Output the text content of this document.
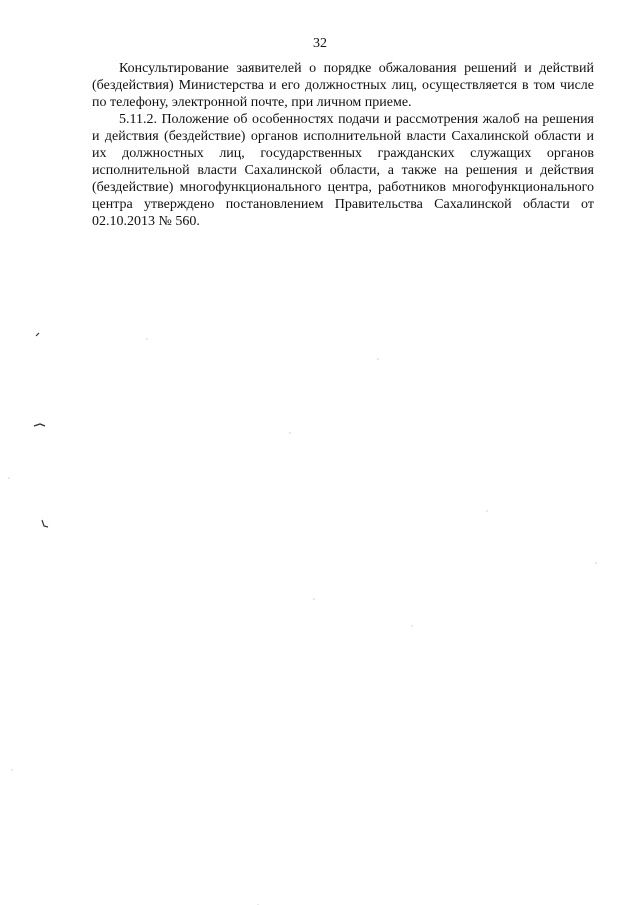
32

Консультирование заявителей о порядке обжалования решений и действий (бездействия) Министерства и его должностных лиц, осуществляется в том числе по телефону, электронной почте, при личном приеме.

5.11.2. Положение об особенностях подачи и рассмотрения жалоб на решения и действия (бездействие) органов исполнительной власти Сахалинской области и их должностных лиц, государственных гражданских служащих органов исполнительной власти Сахалинской области, а также на решения и действия (бездействие) многофункционального центра, работников многофункционального центра утверждено постановлением Правительства Сахалинской области от 02.10.2013 № 560.
